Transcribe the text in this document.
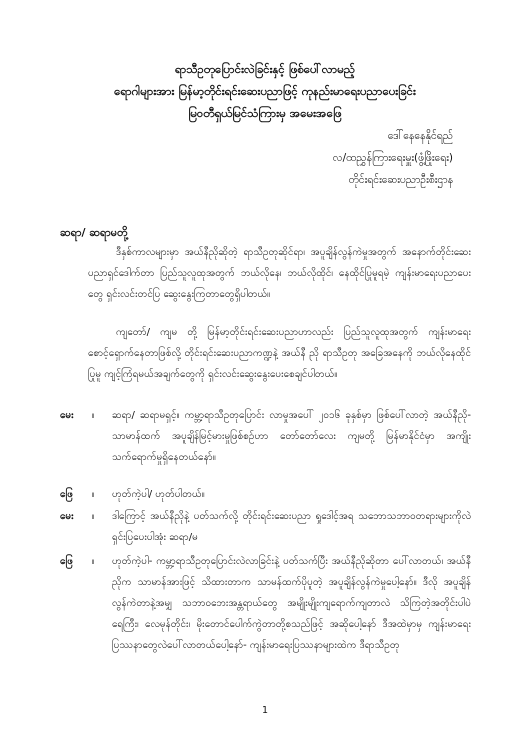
ရာသီဥတုပြောင်းလဲခြင်းနှင့် ဖြစ်ပေါ်လာမည့်
ရောဂါများအား မြန်မာ့တိုင်းရင်းဆေးပညာဖြင့် ကုနည်းမာရေးပညာပေးခြင်း
မြဝတီရှယ်မြင်သံကြားမှ အမေးအဖြေ
ဒေါ်နေနေနိုင်ရည်
လ/ထညွှန်ကြားရေးမှူး(ဖွံ့ဖြိုးရေး)
တိုင်းရင်းဆေးပညာဦးစီးဌာန
ဆရာ/ ဆရာမတို့
ဒီနှစ်ကာလများမှာ အယ်နီညိုဆိုတဲ့ ရာသီဥတုဆိုင်ရာ၊ အပူချိန်လွန်ကဲမှုအတွက် အနောက်တိုင်းဆေးပညာရှင်ဒေါက်တာ ပြည်သူလူထုအတွက် ဘယ်လိုနေ၊ ဘယ်လိုထိုင်၊ နေထိုင်ပြုမူရမဲ့ ကျန်းမာရေးပညာပေးတွေ ရှင်းလင်းတင်ပြ ဆွေးနွေးကြတာတွေရှိပါတယ်။
ကျတော်/ ကျမ တို့ မြန်မာ့တိုင်းရင်းဆေးပညာဟာလည်း ပြည်သူလူထုအတွက် ကျန်းမာရေးစောင့်ရှောက်နေတာဖြစ်လို့ တိုင်းရင်းဆေးပညာကဏ္ဍနဲ့ အယ်နီ ညို ရာသီဥတု အခြေအနေကို ဘယ်လိုနေထိုင်ပြုမူ ကျင့်ကြံရမယ်အချက်တွေကို ရှင်းလင်းဆွေးနွေးပေးစေချင်ပါတယ်။
မေး	။	ဆရာ/ ဆရာမရှင့်။ ကမ္ဘာ့ရာသီဥတုပြောင်း လာမှုအပေါ် ၂၀၁၆ ခုနှစ်မှာ ဖြစ်ပေါ်လာတဲ့ အယ်နီညို- သာမာန်ထက် အပူချိန်မြင့်မားမှုဖြစ်စဉ်ဟာ တော်တော်လေး ကျမတို့ မြန်မာနိုင်ငံမှာ အကျိုးသက်ရောက်မှုရှိနေတယ်နော်။
ဖြေ	။	ဟုတ်ကဲ့ပါ/ ဟုတ်ပါတယ်။
မေး	။	ဒါကြောင့် အယ်နီညိုနဲ့ ပတ်သက်လို့ တိုင်းရင်းဆေးပညာ ရှုဒေါင့်အရ သဘောသဘာဝတရားများကိုလဲ ရှင်းပြပေးပါအုံး ဆရာ/မ
ဖြေ	။	ဟုတ်ကဲ့ပါ- ကမ္ဘာ့ရာသီဥတုပြောင်းလဲလာခြင်းနဲ့ ပတ်သက်ပြီး အယ်နီညိုဆိုတာ ပေါ်လာတယ်၊ အယ်နီညိုက သာမာန်အားဖြင့် သိထားတာက သာမန်ထက်ပိုပူတဲ့ အပူချိန်လွန်ကဲမှုပေါ့နော်။ ဒီလို အပူချိန်လွန်ကဲတာနဲ့အမျှ သဘာဝဘေးအန္တရာယ်တွေ အမျိုးမျိုးကျရောက်ကျတာလဲ သိကြတဲ့အတိုင်းပါပဲ ရေကြီး၊ လေမုန်တိုင်း၊ မိုးတောင်ပေါက်ကွဲတာတို့စသည်ဖြင့် အဆိုပေါ့နော် ဒီအထဲမှာမှ ကျန်းမာရေး ပြဿနာတွေလဲပေါ်လာတယ်ပေါ့နော်- ကျန်းမာရေးပြဿနာများထဲက ဒီရာသီဥတု
1
